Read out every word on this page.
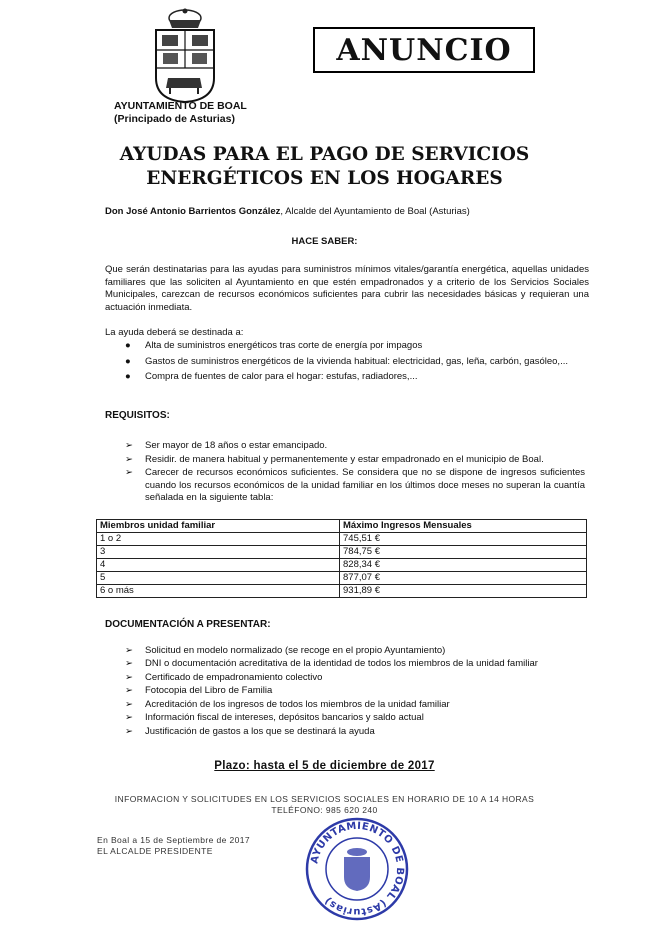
ANUNCIO
AYUNTAMIENTO DE BOAL
(Principado de Asturias)
AYUDAS PARA EL PAGO DE SERVICIOS
ENERGÉTICOS EN LOS HOGARES
Don José Antonio Barrientos González, Alcalde del Ayuntamiento de Boal (Asturias)
HACE SABER:
Que serán destinatarias para las ayudas para suministros mínimos vitales/garantía energética, aquellas unidades familiares que las soliciten al Ayuntamiento en que estén empadronados y a criterio de los Servicios Sociales Municipales, carezcan de recursos económicos suficientes para cubrir las necesidades básicas y requieran una actuación inmediata.
La ayuda deberá se destinada a:
● Alta de suministros energéticos tras corte de energía por impagos
● Gastos de suministros energéticos de la vivienda habitual: electricidad, gas, leña, carbón, gasóleo,...
● Compra de fuentes de calor para el hogar: estufas, radiadores,...
REQUISITOS:
➢ Ser mayor de 18 años o estar emancipado.
➢ Residir. de manera habitual y permanentemente y estar empadronado en el municipio de Boal.
➢ Carecer de recursos económicos suficientes. Se considera que no se dispone de ingresos suficientes cuando los recursos económicos de la unidad familiar en los últimos doce meses no superan la cuantía señalada en la siguiente tabla:
Miembros unidad familiar	Máximo Ingresos Mensuales
1 o 2	745,51 €
3	784,75 €
4	828,34 €
5	877,07 €
6 o más	931,89 €
DOCUMENTACIÓN A PRESENTAR:
➢ Solicitud en modelo normalizado (se recoge en el propio Ayuntamiento)
➢ DNI o documentación acreditativa de la identidad de todos los miembros de la unidad familiar
➢ Certificado de empadronamiento colectivo
➢ Fotocopia del Libro de Familia
➢ Acreditación de los ingresos de todos los miembros de la unidad familiar
➢ Información fiscal de intereses, depósitos bancarios y saldo actual
➢ Justificación de gastos a los que se destinará la ayuda
Plazo: hasta el 5 de diciembre de 2017
INFORMACION Y SOLICITUDES EN LOS SERVICIOS SOCIALES EN HORARIO DE 10 A 14 HORAS
TELÉFONO: 985 620 240
En Boal a 15 de Septiembre de 2017
EL ALCALDE PRESIDENTE
AYUNTAMIENTO DE BOAL (Asturias)
